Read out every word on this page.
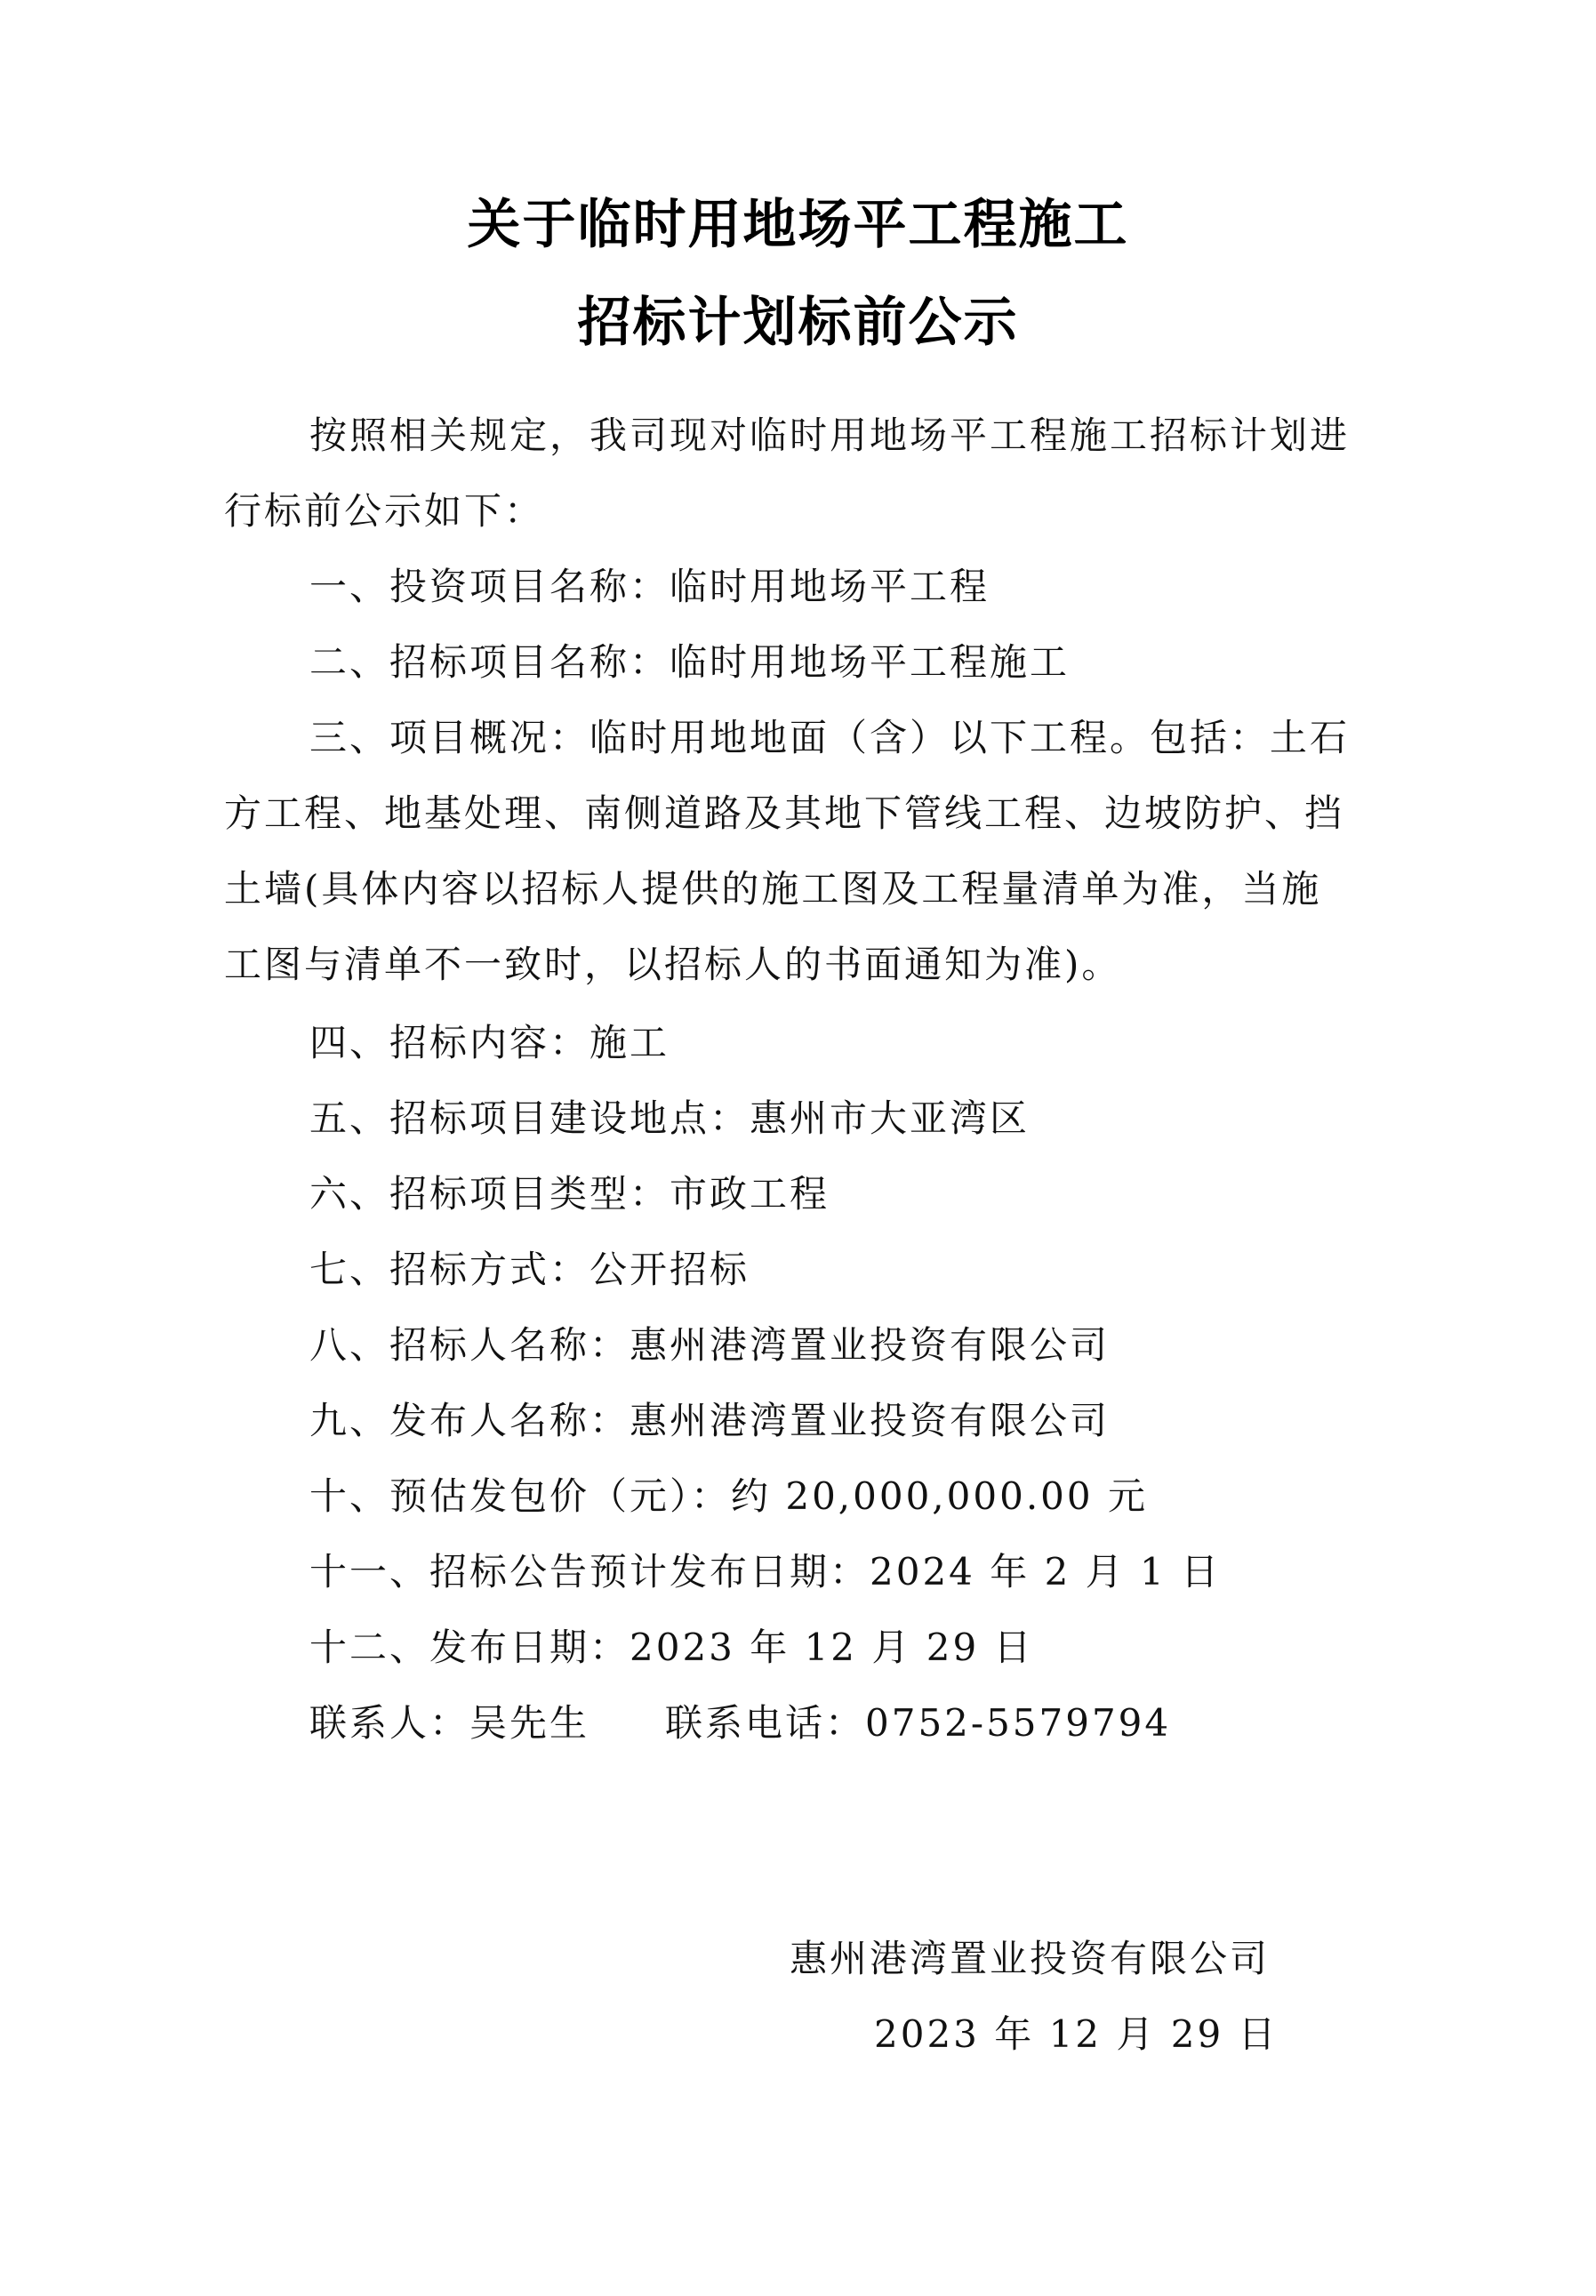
关于临时用地场平工程施工
招标计划标前公示
按照相关规定，我司现对临时用地场平工程施工招标计划进
行标前公示如下：
一、投资项目名称：临时用地场平工程
二、招标项目名称：临时用地场平工程施工
三、项目概况：临时用地地面（含）以下工程。包括：土石
方工程、地基处理、南侧道路及其地下管线工程、边坡防护、挡
土墙(具体内容以招标人提供的施工图及工程量清单为准，当施
工图与清单不一致时，以招标人的书面通知为准)。
四、招标内容：施工
五、招标项目建设地点：惠州市大亚湾区
六、招标项目类型：市政工程
七、招标方式：公开招标
八、招标人名称：惠州港湾置业投资有限公司
九、发布人名称：惠州港湾置业投资有限公司
十、预估发包价（元）：约 20,000,000.00 元
十一、招标公告预计发布日期：2024 年 2 月 1 日
十二、发布日期：2023 年 12 月 29 日
联系人：吴先生 联系电话：0752-5579794
惠州港湾置业投资有限公司
2023 年 12 月 29 日
